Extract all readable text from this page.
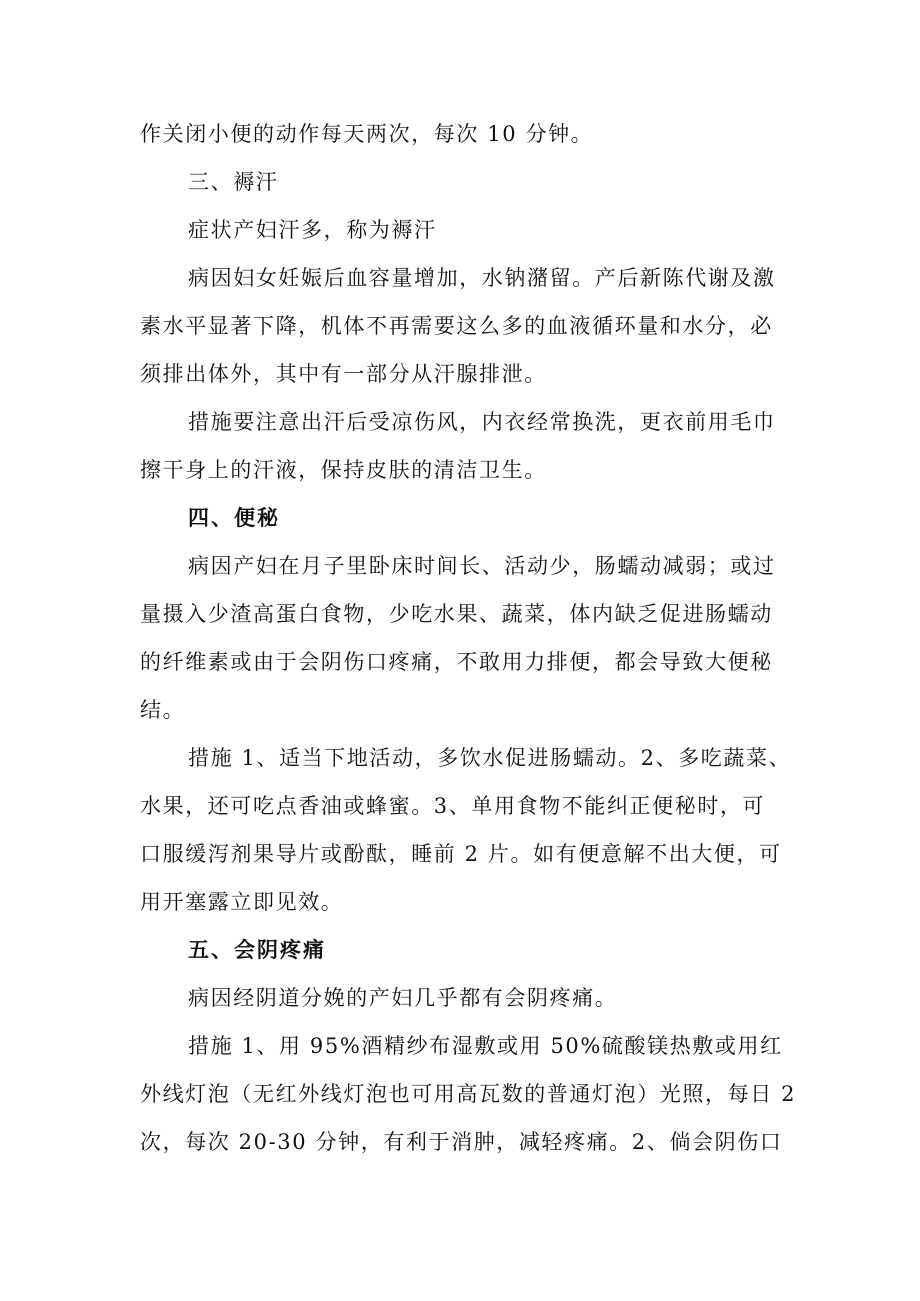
作关闭小便的动作每天两次，每次 10 分钟。
三、褥汗
症状产妇汗多，称为褥汗
病因妇女妊娠后血容量增加，水钠潴留。产后新陈代谢及激
素水平显著下降，机体不再需要这么多的血液循环量和水分，必
须排出体外，其中有一部分从汗腺排泄。
措施要注意出汗后受凉伤风，内衣经常换洗，更衣前用毛巾
擦干身上的汗液，保持皮肤的清洁卫生。
四、便秘
病因产妇在月子里卧床时间长、活动少，肠蠕动减弱；或过
量摄入少渣高蛋白食物，少吃水果、蔬菜，体内缺乏促进肠蠕动
的纤维素或由于会阴伤口疼痛，不敢用力排便，都会导致大便秘
结。
措施 1、适当下地活动，多饮水促进肠蠕动。2、多吃蔬菜、
水果，还可吃点香油或蜂蜜。3、单用食物不能纠正便秘时，可
口服缓泻剂果导片或酚酞，睡前 2 片。如有便意解不出大便，可
用开塞露立即见效。
五、会阴疼痛
病因经阴道分娩的产妇几乎都有会阴疼痛。
措施 1、用 95%酒精纱布湿敷或用 50%硫酸镁热敷或用红
外线灯泡（无红外线灯泡也可用高瓦数的普通灯泡）光照，每日 2
次，每次 20-30 分钟，有利于消肿，减轻疼痛。2、倘会阴伤口
